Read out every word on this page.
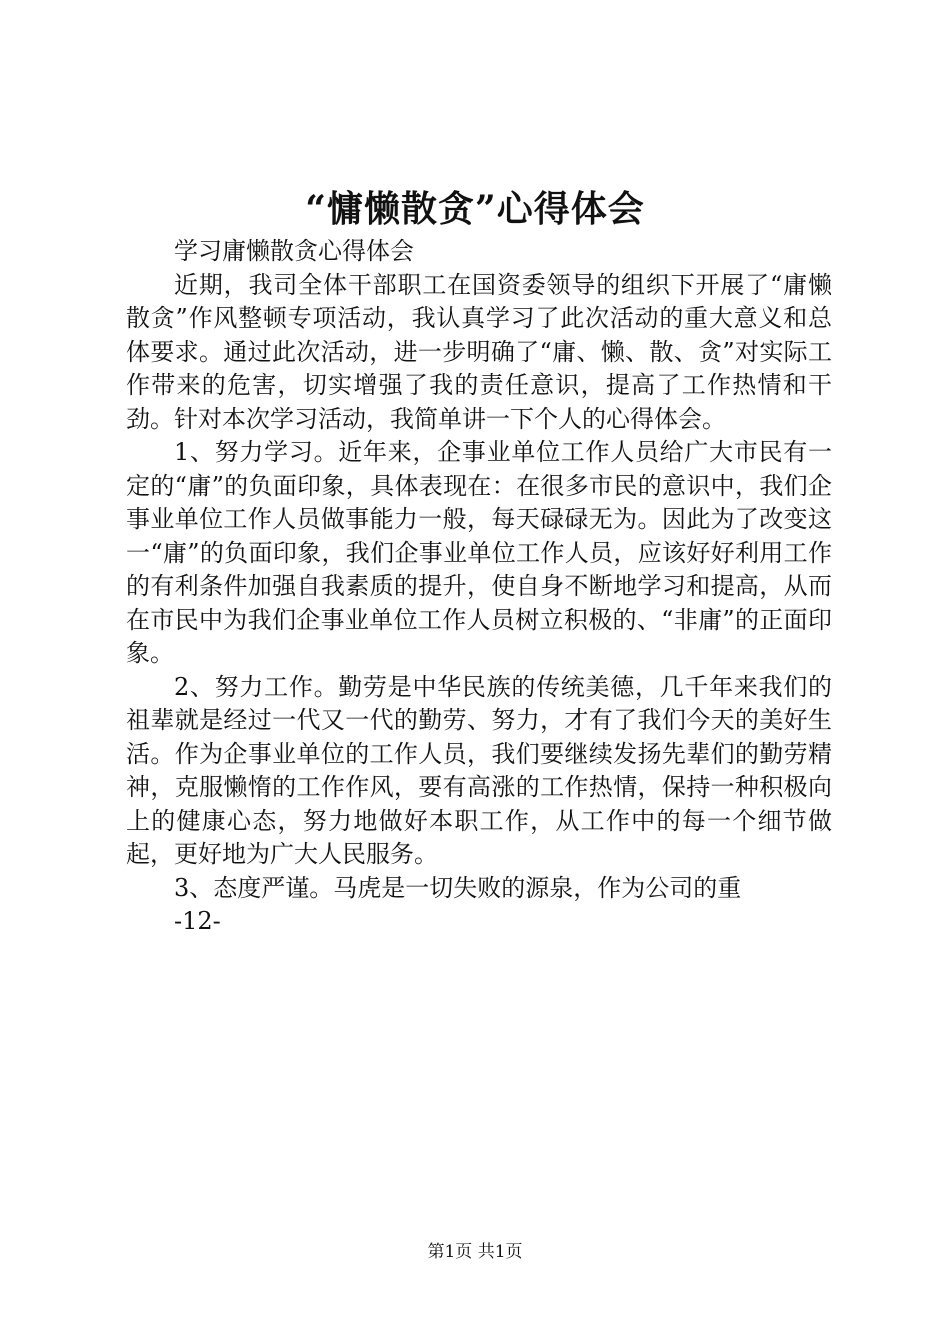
“慵懒散贪”心得体会

学习庸懒散贪心得体会

近期，我司全体干部职工在国资委领导的组织下开展了“庸懒散贪”作风整顿专项活动，我认真学习了此次活动的重大意义和总体要求。通过此次活动，进一步明确了“庸、懒、散、贪”对实际工作带来的危害，切实增强了我的责任意识，提高了工作热情和干劲。针对本次学习活动，我简单讲一下个人的心得体会。

1、努力学习。近年来，企事业单位工作人员给广大市民有一定的“庸”的负面印象，具体表现在：在很多市民的意识中，我们企事业单位工作人员做事能力一般，每天碌碌无为。因此为了改变这一“庸”的负面印象，我们企事业单位工作人员，应该好好利用工作的有利条件加强自我素质的提升，使自身不断地学习和提高，从而在市民中为我们企事业单位工作人员树立积极的、“非庸”的正面印象。

2、努力工作。勤劳是中华民族的传统美德，几千年来我们的祖辈就是经过一代又一代的勤劳、努力，才有了我们今天的美好生活。作为企事业单位的工作人员，我们要继续发扬先辈们的勤劳精神，克服懒惰的工作作风，要有高涨的工作热情，保持一种积极向上的健康心态，努力地做好本职工作，从工作中的每一个细节做起，更好地为广大人民服务。

3、态度严谨。马虎是一切失败的源泉，作为公司的重

-12-

第1页 共1页
